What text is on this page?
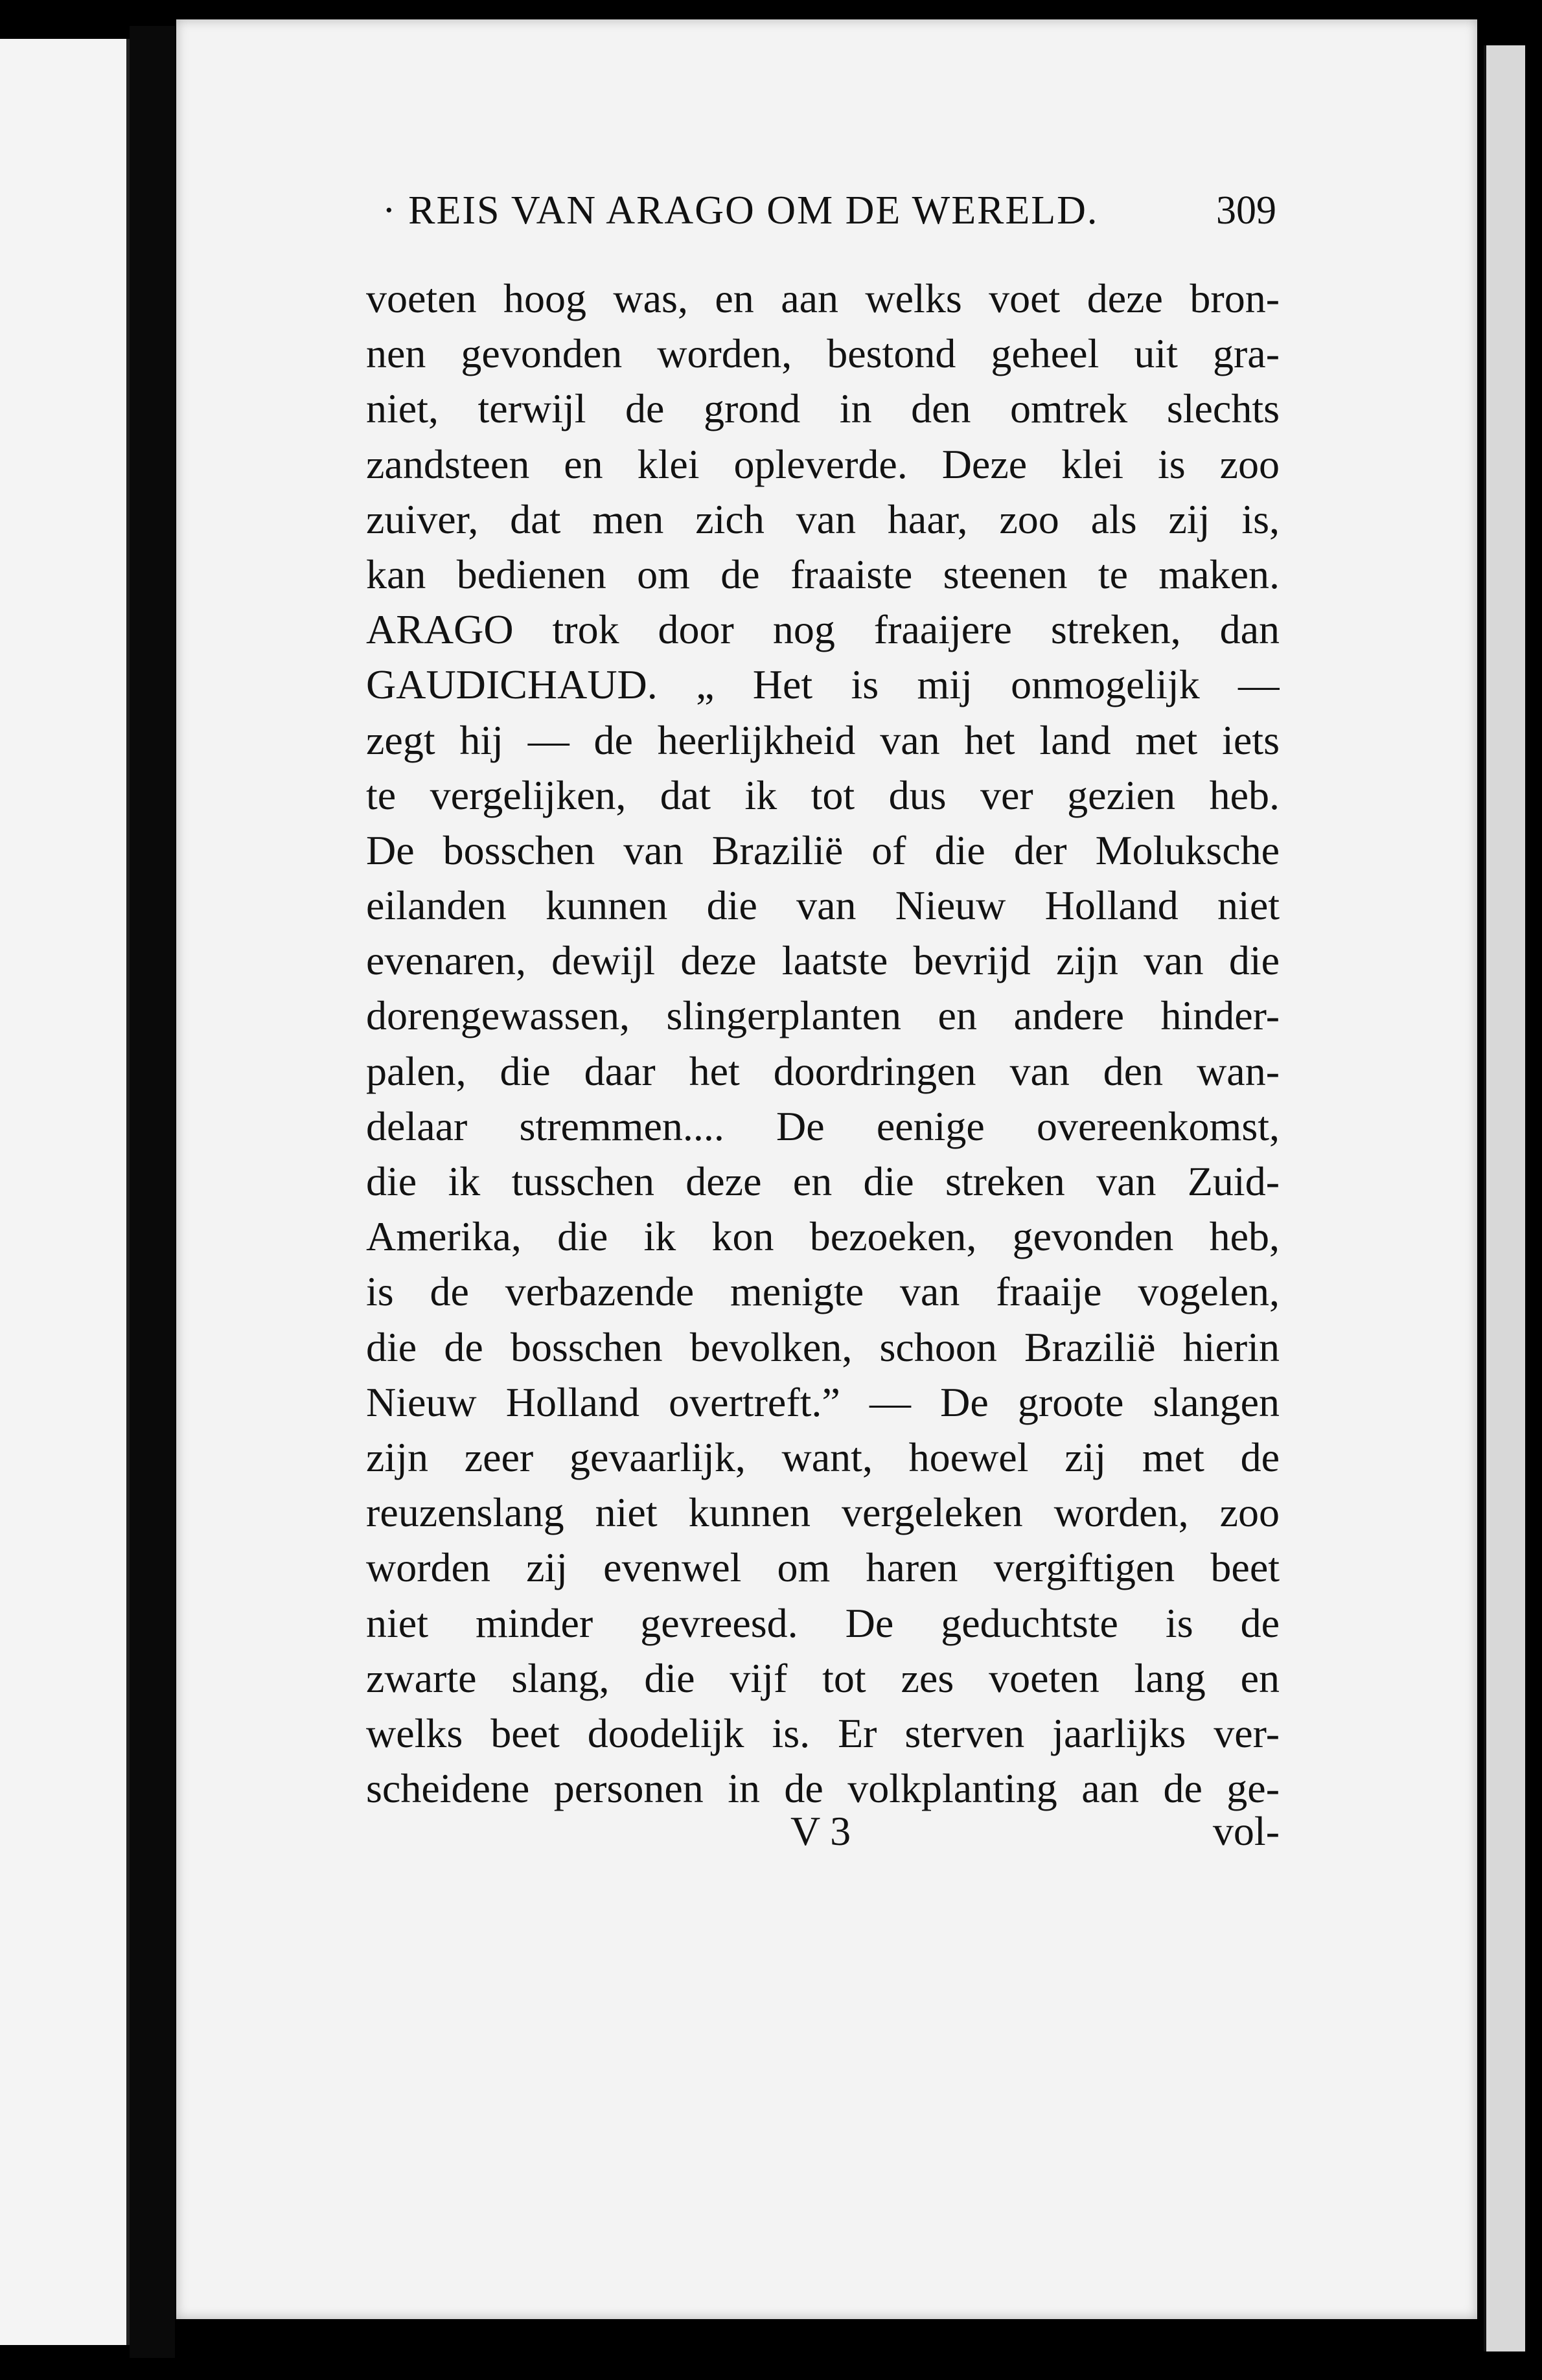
· REIS VAN ARAGO OM DE WERELD.	309
voeten hoog was, en aan welks voet deze bron-
nen gevonden worden, bestond geheel uit gra-
niet, terwijl de grond in den omtrek slechts
zandsteen en klei opleverde. Deze klei is zoo
zuiver, dat men zich van haar, zoo als zij is,
kan bedienen om de fraaiste steenen te maken.
ARAGO trok door nog fraaijere streken, dan
GAUDICHAUD. „ Het is mij onmogelijk —
zegt hij — de heerlijkheid van het land met iets
te vergelijken, dat ik tot dus ver gezien heb.
De bosschen van Brazilië of die der Moluksche
eilanden kunnen die van Nieuw Holland niet
evenaren, dewijl deze laatste bevrijd zijn van die
dorengewassen, slingerplanten en andere hinder-
palen, die daar het doordringen van den wan-
delaar stremmen.... De eenige overeenkomst,
die ik tusschen deze en die streken van Zuid-
Amerika, die ik kon bezoeken, gevonden heb,
is de verbazende menigte van fraaije vogelen,
die de bosschen bevolken, schoon Brazilië hierin
Nieuw Holland overtreft.” — De groote slangen
zijn zeer gevaarlijk, want, hoewel zij met de
reuzenslang niet kunnen vergeleken worden, zoo
worden zij evenwel om haren vergiftigen beet
niet minder gevreesd. De geduchtste is de
zwarte slang, die vijf tot zes voeten lang en
welks beet doodelijk is. Er sterven jaarlijks ver-
scheidene personen in de volkplanting aan de ge-
V 3	vol-
